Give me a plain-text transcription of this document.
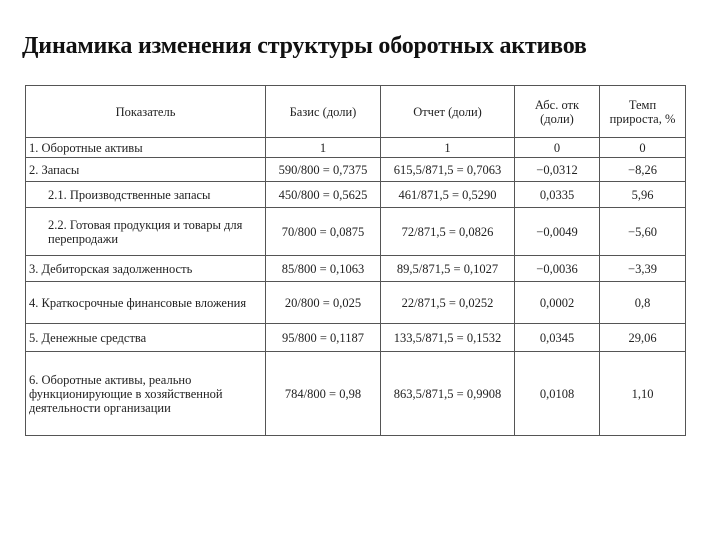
Динамика изменения структуры оборотных активов
Показатель	Базис (доли)	Отчет (доли)	Абс. отк (доли)	Темп прироста, %
1. Оборотные активы	1	1	0	0
2. Запасы	590/800 = 0,7375	615,5/871,5 = 0,7063	−0,0312	−8,26
2.1. Производственные запасы	450/800 = 0,5625	461/871,5 = 0,5290	0,0335	5,96
2.2. Готовая продукция и товары для перепродажи	70/800 = 0,0875	72/871,5 = 0,0826	−0,0049	−5,60
3. Дебиторская задолженность	85/800 = 0,1063	89,5/871,5 = 0,1027	−0,0036	−3,39
4. Краткосрочные финансовые вложения	20/800 = 0,025	22/871,5 = 0,0252	0,0002	0,8
5. Денежные средства	95/800 = 0,1187	133,5/871,5 = 0,1532	0,0345	29,06
6. Оборотные активы, реально функционирующие в хозяйственной деятельности организации	784/800 = 0,98	863,5/871,5 = 0,9908	0,0108	1,10
